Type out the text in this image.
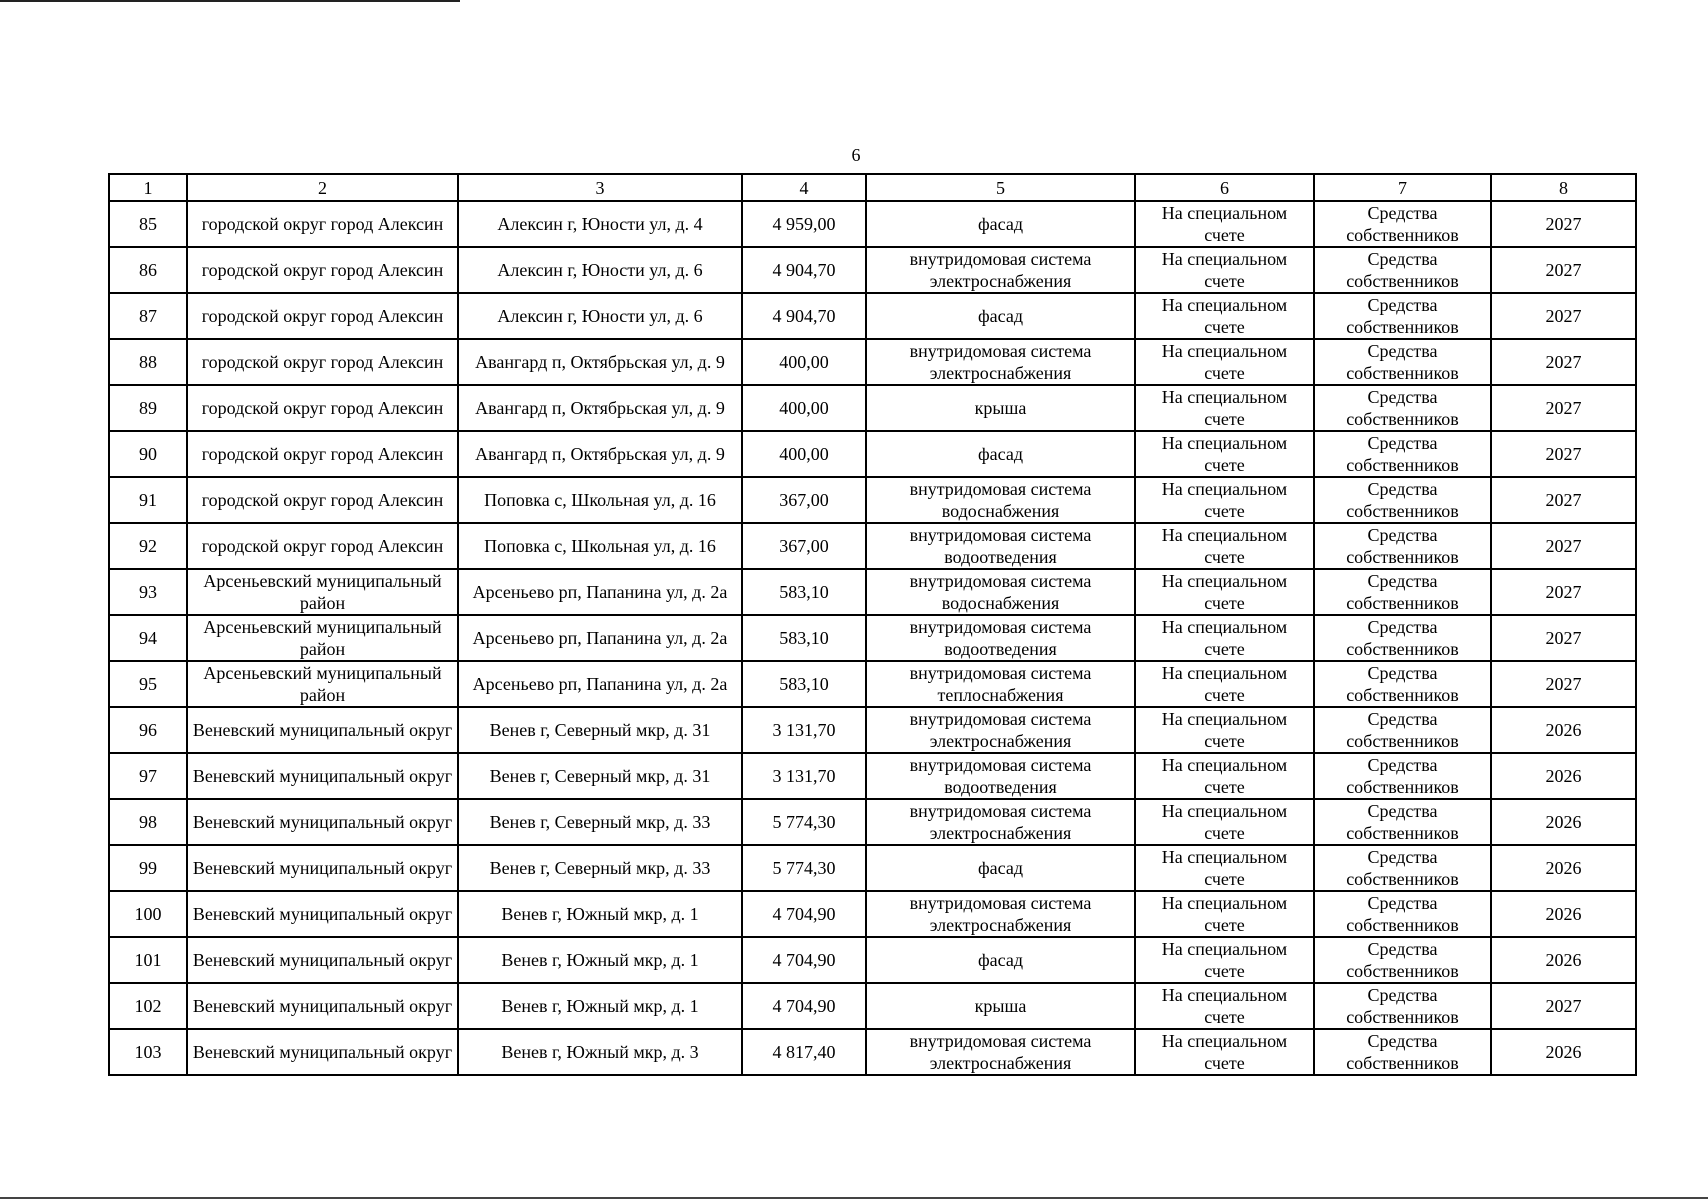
6
1	2	3	4	5	6	7	8
85	городской округ город Алексин	Алексин г, Юности ул, д. 4	4 959,00	фасад	На специальном счете	Средства собственников	2027
86	городской округ город Алексин	Алексин г, Юности ул, д. 6	4 904,70	внутридомовая система электроснабжения	На специальном счете	Средства собственников	2027
87	городской округ город Алексин	Алексин г, Юности ул, д. 6	4 904,70	фасад	На специальном счете	Средства собственников	2027
88	городской округ город Алексин	Авангард п, Октябрьская ул, д. 9	400,00	внутридомовая система электроснабжения	На специальном счете	Средства собственников	2027
89	городской округ город Алексин	Авангард п, Октябрьская ул, д. 9	400,00	крыша	На специальном счете	Средства собственников	2027
90	городской округ город Алексин	Авангард п, Октябрьская ул, д. 9	400,00	фасад	На специальном счете	Средства собственников	2027
91	городской округ город Алексин	Поповка с, Школьная ул, д. 16	367,00	внутридомовая система водоснабжения	На специальном счете	Средства собственников	2027
92	городской округ город Алексин	Поповка с, Школьная ул, д. 16	367,00	внутридомовая система водоотведения	На специальном счете	Средства собственников	2027
93	Арсеньевский муниципальный район	Арсеньево рп, Папанина ул, д. 2а	583,10	внутридомовая система водоснабжения	На специальном счете	Средства собственников	2027
94	Арсеньевский муниципальный район	Арсеньево рп, Папанина ул, д. 2а	583,10	внутридомовая система водоотведения	На специальном счете	Средства собственников	2027
95	Арсеньевский муниципальный район	Арсеньево рп, Папанина ул, д. 2а	583,10	внутридомовая система теплоснабжения	На специальном счете	Средства собственников	2027
96	Веневский муниципальный округ	Венев г, Северный мкр, д. 31	3 131,70	внутридомовая система электроснабжения	На специальном счете	Средства собственников	2026
97	Веневский муниципальный округ	Венев г, Северный мкр, д. 31	3 131,70	внутридомовая система водоотведения	На специальном счете	Средства собственников	2026
98	Веневский муниципальный округ	Венев г, Северный мкр, д. 33	5 774,30	внутридомовая система электроснабжения	На специальном счете	Средства собственников	2026
99	Веневский муниципальный округ	Венев г, Северный мкр, д. 33	5 774,30	фасад	На специальном счете	Средства собственников	2026
100	Веневский муниципальный округ	Венев г, Южный мкр, д. 1	4 704,90	внутридомовая система электроснабжения	На специальном счете	Средства собственников	2026
101	Веневский муниципальный округ	Венев г, Южный мкр, д. 1	4 704,90	фасад	На специальном счете	Средства собственников	2026
102	Веневский муниципальный округ	Венев г, Южный мкр, д. 1	4 704,90	крыша	На специальном счете	Средства собственников	2027
103	Веневский муниципальный округ	Венев г, Южный мкр, д. 3	4 817,40	внутридомовая система электроснабжения	На специальном счете	Средства собственников	2026
